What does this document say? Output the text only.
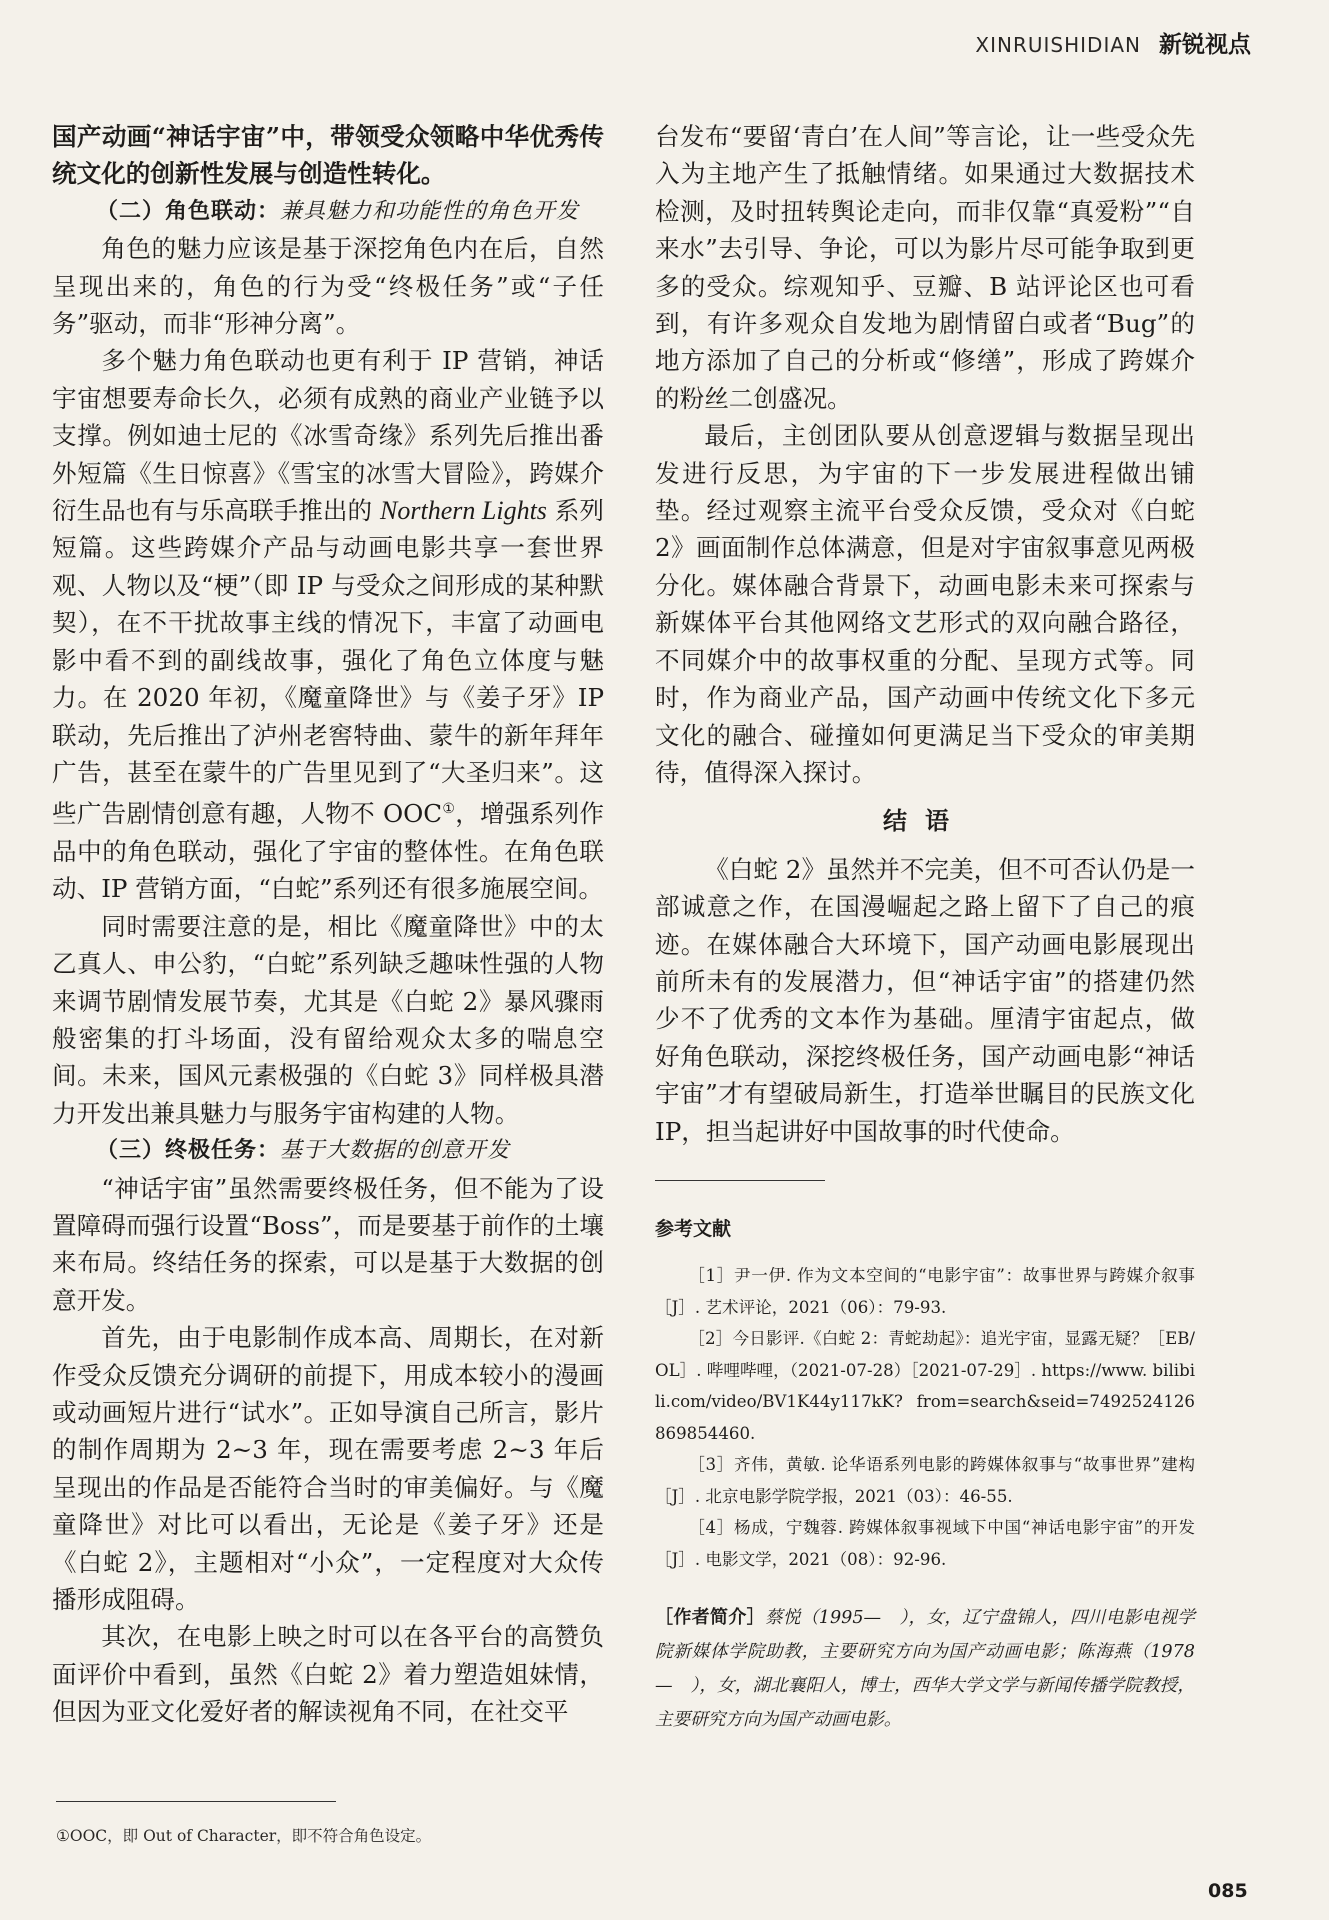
XINRUISHIDIAN 新锐视点

国产动画“神话宇宙”中，带领受众领略中华优秀传统文化的创新性发展与创造性转化。

（二）角色联动：兼具魅力和功能性的角色开发

角色的魅力应该是基于深挖角色内在后，自然呈现出来的，角色的行为受“终极任务”或“子任务”驱动，而非“形神分离”。

多个魅力角色联动也更有利于 IP 营销，神话宇宙想要寿命长久，必须有成熟的商业产业链予以支撑。例如迪士尼的《冰雪奇缘》系列先后推出番外短篇《生日惊喜》《雪宝的冰雪大冒险》，跨媒介衍生品也有与乐高联手推出的 Northern Lights 系列短篇。这些跨媒介产品与动画电影共享一套世界观、人物以及“梗”（即 IP 与受众之间形成的某种默契），在不干扰故事主线的情况下，丰富了动画电影中看不到的副线故事，强化了角色立体度与魅力。在 2020 年初，《魔童降世》与《姜子牙》IP 联动，先后推出了泸州老窖特曲、蒙牛的新年拜年广告，甚至在蒙牛的广告里见到了“大圣归来”。这些广告剧情创意有趣，人物不 OOC①，增强系列作品中的角色联动，强化了宇宙的整体性。在角色联动、IP 营销方面，“白蛇”系列还有很多施展空间。

同时需要注意的是，相比《魔童降世》中的太乙真人、申公豹，“白蛇”系列缺乏趣味性强的人物来调节剧情发展节奏，尤其是《白蛇 2》暴风骤雨般密集的打斗场面，没有留给观众太多的喘息空间。未来，国风元素极强的《白蛇 3》同样极具潜力开发出兼具魅力与服务宇宙构建的人物。

（三）终极任务：基于大数据的创意开发

“神话宇宙”虽然需要终极任务，但不能为了设置障碍而强行设置“Boss”，而是要基于前作的土壤来布局。终结任务的探索，可以是基于大数据的创意开发。

首先，由于电影制作成本高、周期长，在对新作受众反馈充分调研的前提下，用成本较小的漫画或动画短片进行“试水”。正如导演自己所言，影片的制作周期为 2~3 年，现在需要考虑 2~3 年后呈现出的作品是否能符合当时的审美偏好。与《魔童降世》对比可以看出，无论是《姜子牙》还是《白蛇 2》，主题相对“小众”，一定程度对大众传播形成阻碍。

其次，在电影上映之时可以在各平台的高赞负面评价中看到，虽然《白蛇 2》着力塑造姐妹情，但因为亚文化爱好者的解读视角不同，在社交平

台发布“要留‘青白’在人间”等言论，让一些受众先入为主地产生了抵触情绪。如果通过大数据技术检测，及时扭转舆论走向，而非仅靠“真爱粉”“自来水”去引导、争论，可以为影片尽可能争取到更多的受众。综观知乎、豆瓣、B 站评论区也可看到，有许多观众自发地为剧情留白或者“Bug”的地方添加了自己的分析或“修缮”，形成了跨媒介的粉丝二创盛况。

最后，主创团队要从创意逻辑与数据呈现出发进行反思，为宇宙的下一步发展进程做出铺垫。经过观察主流平台受众反馈，受众对《白蛇 2》画面制作总体满意，但是对宇宙叙事意见两极分化。媒体融合背景下，动画电影未来可探索与新媒体平台其他网络文艺形式的双向融合路径，不同媒介中的故事权重的分配、呈现方式等。同时，作为商业产品，国产动画中传统文化下多元文化的融合、碰撞如何更满足当下受众的审美期待，值得深入探讨。

结语

《白蛇 2》虽然并不完美，但不可否认仍是一部诚意之作，在国漫崛起之路上留下了自己的痕迹。在媒体融合大环境下，国产动画电影展现出前所未有的发展潜力，但“神话宇宙”的搭建仍然少不了优秀的文本作为基础。厘清宇宙起点，做好角色联动，深挖终极任务，国产动画电影“神话宇宙”才有望破局新生，打造举世瞩目的民族文化 IP，担当起讲好中国故事的时代使命。

参考文献

［1］尹一伊. 作为文本空间的“电影宇宙”：故事世界与跨媒介叙事［J］. 艺术评论，2021（06）：79-93.

［2］今日影评.《白蛇 2：青蛇劫起》：追光宇宙，显露无疑？［EB/OL］. 哔哩哔哩，（2021-07-28）［2021-07-29］. https://www. bilibili.com/video/BV1K44y117kK? from=search&seid=7492524126869854460.

［3］齐伟，黄敏. 论华语系列电影的跨媒体叙事与“故事世界”建构［J］. 北京电影学院学报，2021（03）：46-55.

［4］杨成，宁魏蓉. 跨媒体叙事视域下中国“神话电影宇宙”的开发［J］. 电影文学，2021（08）：92-96.

［作者简介］蔡悦（1995—　），女，辽宁盘锦人，四川电影电视学院新媒体学院助教，主要研究方向为国产动画电影；陈海燕（1978—　），女，湖北襄阳人，博士，西华大学文学与新闻传播学院教授，主要研究方向为国产动画电影。
①OOC，即 Out of Character，即不符合角色设定。
085
